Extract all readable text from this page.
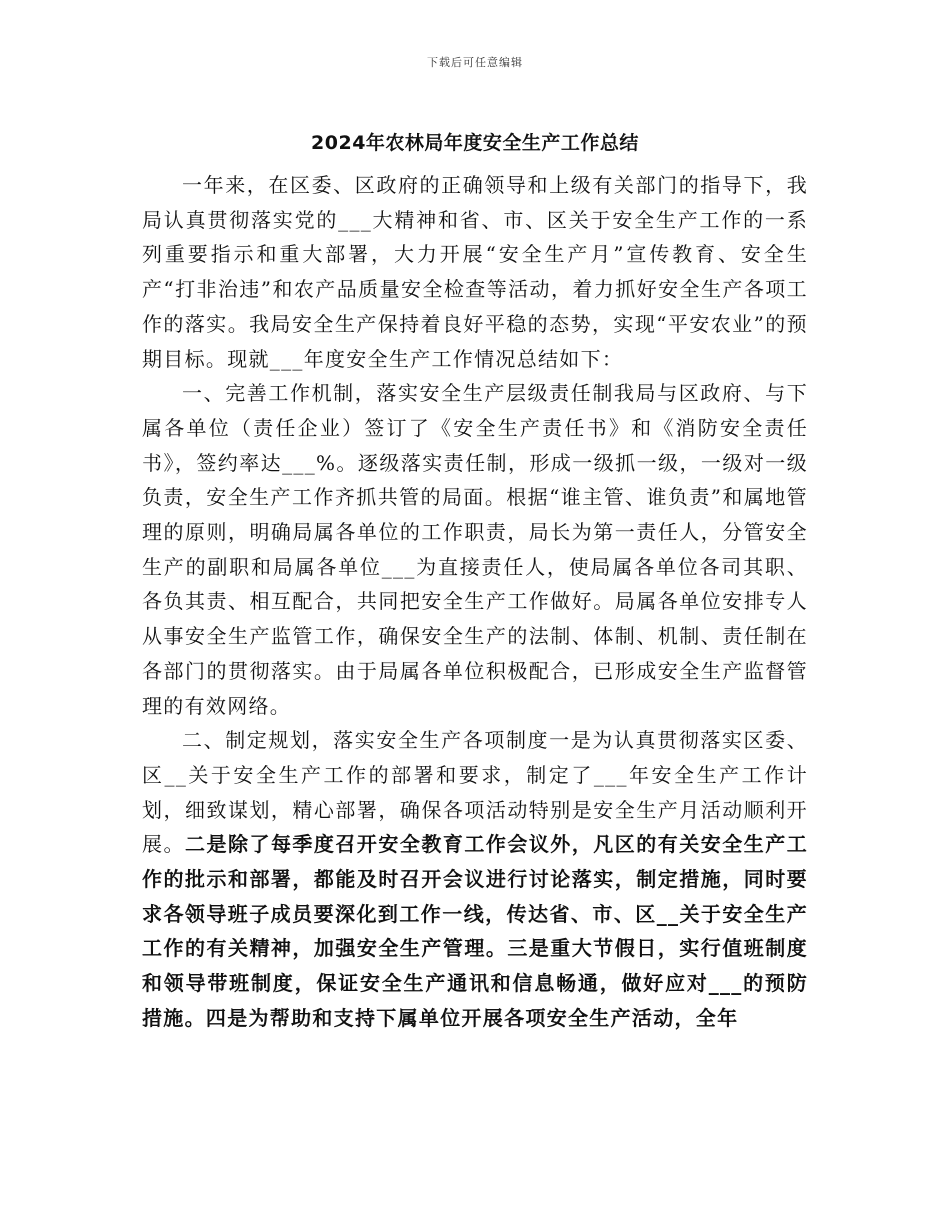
下载后可任意编辑
2024年农林局年度安全生产工作总结

一年来，在区委、区政府的正确领导和上级有关部门的指导下，我局认真贯彻落实党的___大精神和省、市、区关于安全生产工作的一系列重要指示和重大部署，大力开展“安全生产月”宣传教育、安全生产“打非治违”和农产品质量安全检查等活动，着力抓好安全生产各项工作的落实。我局安全生产保持着良好平稳的态势，实现“平安农业”的预期目标。现就___年度安全生产工作情况总结如下：

一、完善工作机制，落实安全生产层级责任制我局与区政府、与下属各单位（责任企业）签订了《安全生产责任书》和《消防安全责任书》，签约率达___%。逐级落实责任制，形成一级抓一级，一级对一级负责，安全生产工作齐抓共管的局面。根据“谁主管、谁负责”和属地管理的原则，明确局属各单位的工作职责，局长为第一责任人，分管安全生产的副职和局属各单位___为直接责任人，使局属各单位各司其职、各负其责、相互配合，共同把安全生产工作做好。局属各单位安排专人从事安全生产监管工作，确保安全生产的法制、体制、机制、责任制在各部门的贯彻落实。由于局属各单位积极配合，已形成安全生产监督管理的有效网络。

二、制定规划，落实安全生产各项制度一是为认真贯彻落实区委、区__关于安全生产工作的部署和要求，制定了___年安全生产工作计划，细致谋划，精心部署，确保各项活动特别是安全生产月活动顺利开展。二是除了每季度召开安全教育工作会议外，凡区的有关安全生产工作的批示和部署，都能及时召开会议进行讨论落实，制定措施，同时要求各领导班子成员要深化到工作一线，传达省、市、区__关于安全生产工作的有关精神，加强安全生产管理。三是重大节假日，实行值班制度和领导带班制度，保证安全生产通讯和信息畅通，做好应对___的预防措施。四是为帮助和支持下属单位开展各项安全生产活动，全年
